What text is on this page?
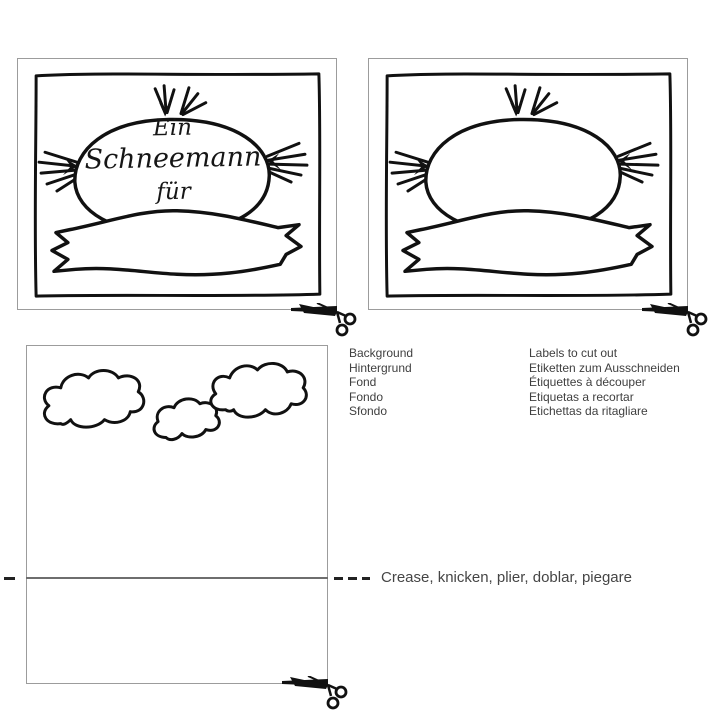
Ein
Schneemann
für
Background
Hintergrund
Fond
Fondo
Sfondo
Labels to cut out
Etiketten zum Ausschneiden
Étiquettes à découper
Etiquetas a recortar
Etichettas da ritagliare
Crease, knicken, plier, doblar, piegare
